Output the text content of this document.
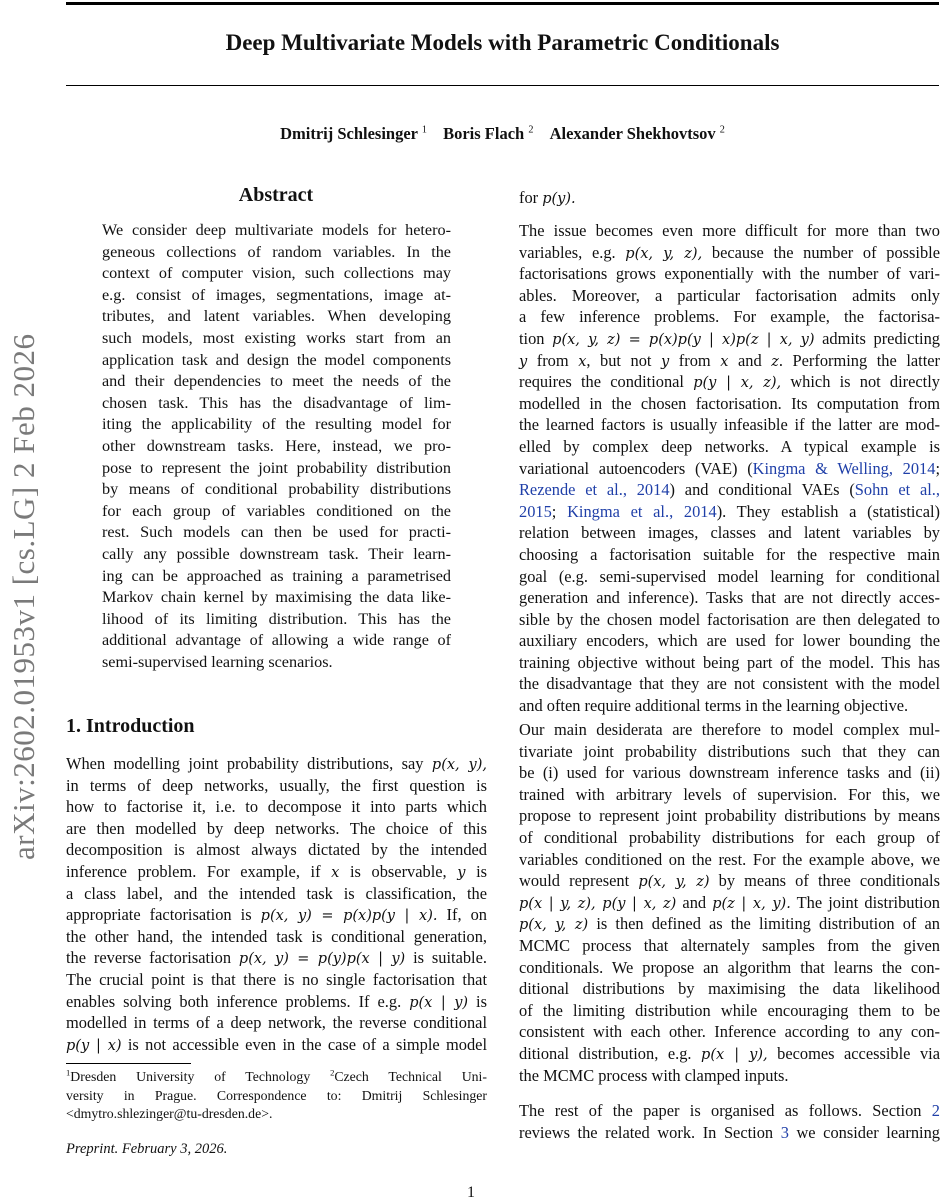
Deep Multivariate Models with Parametric Conditionals
Dmitrij Schlesinger $^1$ Boris Flach $^2$ Alexander Shekhovtsov $^2$
arXiv:2602.01953v1 [cs.LG] 2 Feb 2026
Abstract
We consider deep multivariate models for hetero-
geneous collections of random variables. In the
context of computer vision, such collections may
e.g. consist of images, segmentations, image at-
tributes, and latent variables. When developing
such models, most existing works start from an
application task and design the model components
and their dependencies to meet the needs of the
chosen task. This has the disadvantage of lim-
iting the applicability of the resulting model for
other downstream tasks. Here, instead, we pro-
pose to represent the joint probability distribution
by means of conditional probability distributions
for each group of variables conditioned on the
rest. Such models can then be used for practi-
cally any possible downstream task. Their learn-
ing can be approached as training a parametrised
Markov chain kernel by maximising the data like-
lihood of its limiting distribution. This has the
additional advantage of allowing a wide range of
semi-supervised learning scenarios.
1. Introduction
When modelling joint probability distributions, say p(x, y),
in terms of deep networks, usually, the first question is
how to factorise it, i.e. to decompose it into parts which
are then modelled by deep networks. The choice of this
decomposition is almost always dictated by the intended
inference problem. For example, if x is observable, y is
a class label, and the intended task is classification, the
appropriate factorisation is p(x, y) = p(x)p(y | x). If, on
the other hand, the intended task is conditional generation,
the reverse factorisation p(x, y) = p(y)p(x | y) is suitable.
The crucial point is that there is no single factorisation that
enables solving both inference problems. If e.g. p(x | y) is
modelled in terms of a deep network, the reverse conditional
p(y | x) is not accessible even in the case of a simple model
for p(y).
The issue becomes even more difficult for more than two
variables, e.g. p(x, y, z), because the number of possible
factorisations grows exponentially with the number of vari-
ables. Moreover, a particular factorisation admits only
a few inference problems. For example, the factorisa-
tion p(x, y, z) = p(x)p(y | x)p(z | x, y) admits predicting
y from x, but not y from x and z. Performing the latter
requires the conditional p(y | x, z), which is not directly
modelled in the chosen factorisation. Its computation from
the learned factors is usually infeasible if the latter are mod-
elled by complex deep networks. A typical example is
variational autoencoders (VAE) (Kingma & Welling, 2014;
Rezende et al., 2014) and conditional VAEs (Sohn et al.,
2015; Kingma et al., 2014). They establish a (statistical)
relation between images, classes and latent variables by
choosing a factorisation suitable for the respective main
goal (e.g. semi-supervised model learning for conditional
generation and inference). Tasks that are not directly acces-
sible by the chosen model factorisation are then delegated to
auxiliary encoders, which are used for lower bounding the
training objective without being part of the model. This has
the disadvantage that they are not consistent with the model
and often require additional terms in the learning objective.
Our main desiderata are therefore to model complex mul-
tivariate joint probability distributions such that they can
be (i) used for various downstream inference tasks and (ii)
trained with arbitrary levels of supervision. For this, we
propose to represent joint probability distributions by means
of conditional probability distributions for each group of
variables conditioned on the rest. For the example above, we
would represent p(x, y, z) by means of three conditionals
p(x | y, z), p(y | x, z) and p(z | x, y). The joint distribution
p(x, y, z) is then defined as the limiting distribution of an
MCMC process that alternately samples from the given
conditionals. We propose an algorithm that learns the con-
ditional distributions by maximising the data likelihood
of the limiting distribution while encouraging them to be
consistent with each other. Inference according to any con-
ditional distribution, e.g. p(x | y), becomes accessible via
the MCMC process with clamped inputs.
The rest of the paper is organised as follows. Section 2
reviews the related work. In Section 3 we consider learning
$^1$Dresden University of Technology $^2$Czech Technical Uni-
versity in Prague. Correspondence to: Dmitrij Schlesinger
<dmytro.shlezinger@tu-dresden.de>.
Preprint. February 3, 2026.
1
